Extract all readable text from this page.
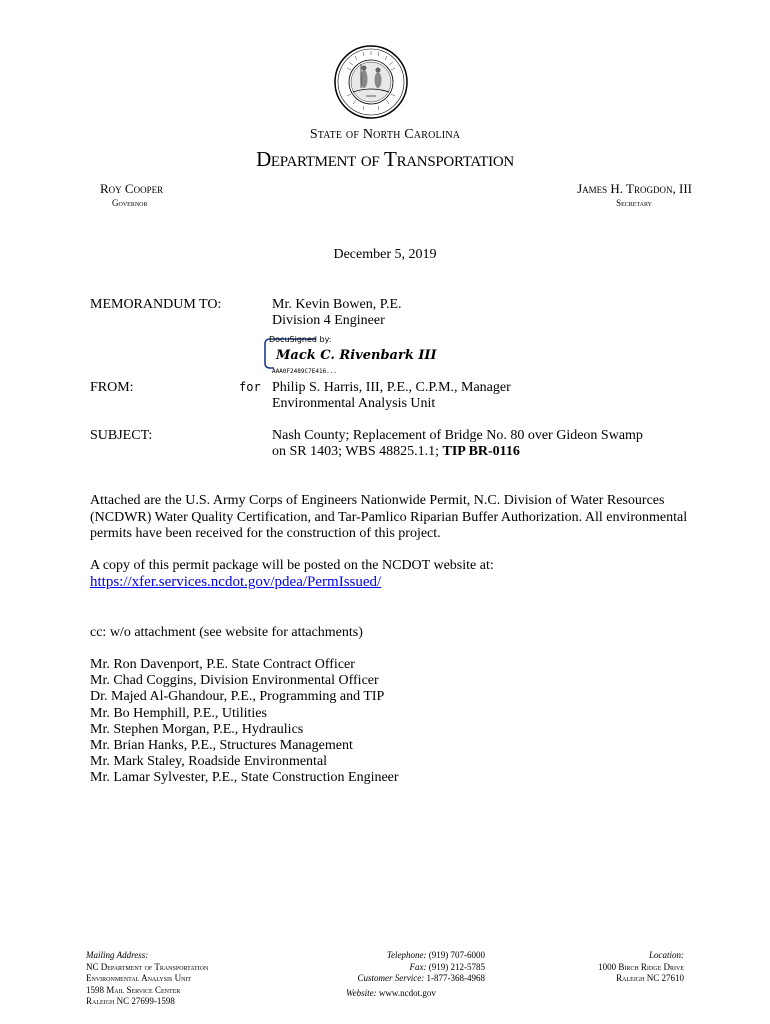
State of North Carolina
Department of Transportation
Roy Cooper
Governor
James H. Trogdon, III
Secretary
December 5, 2019
MEMORANDUM TO:	Mr. Kevin Bowen, P.E.
Division 4 Engineer
DocuSigned by:
Mack C. Rivenbark III
AAA0F2489C7E416...
FROM:	for Philip S. Harris, III, P.E., C.P.M., Manager
Environmental Analysis Unit
SUBJECT:	Nash County; Replacement of Bridge No. 80 over Gideon Swamp
on SR 1403; WBS 48825.1.1; TIP BR-0116
Attached are the U.S. Army Corps of Engineers Nationwide Permit, N.C. Division of Water Resources (NCDWR) Water Quality Certification, and Tar-Pamlico Riparian Buffer Authorization. All environmental permits have been received for the construction of this project.
A copy of this permit package will be posted on the NCDOT website at:
https://xfer.services.ncdot.gov/pdea/PermIssued/
cc: w/o attachment (see website for attachments)
Mr. Ron Davenport, P.E. State Contract Officer
Mr. Chad Coggins, Division Environmental Officer
Dr. Majed Al-Ghandour, P.E., Programming and TIP
Mr. Bo Hemphill, P.E., Utilities
Mr. Stephen Morgan, P.E., Hydraulics
Mr. Brian Hanks, P.E., Structures Management
Mr. Mark Staley, Roadside Environmental
Mr. Lamar Sylvester, P.E., State Construction Engineer
Mailing Address:
NC Department of Transportation
Environmental Analysis Unit
1598 Mail Service Center
Raleigh NC 27699-1598
Telephone: (919) 707-6000
Fax: (919) 212-5785
Customer Service: 1-877-368-4968
Website: www.ncdot.gov
Location:
1000 Birch Ridge Drive
Raleigh NC 27610
